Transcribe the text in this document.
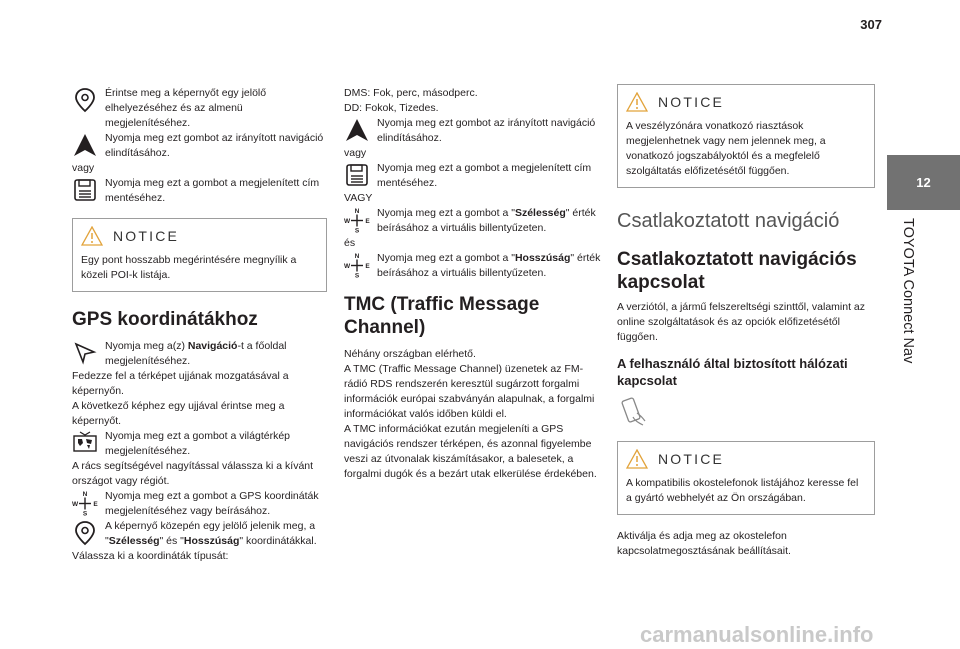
307
12
TOYOTA Connect Nav

Érintse meg a képernyőt egy jelölő elhelyezéséhez és az almenü megjelenítéséhez.

Nyomja meg ezt gombot az irányított navigáció elindításához.

vagy

Nyomja meg ezt a gombot a megjelenített cím mentéséhez.

NOTICE

Egy pont hosszabb megérintésére megnyílik a közeli POI-k listája.

GPS koordinátákhoz

Nyomja meg a(z) Navigáció-t a főoldal megjelenítéséhez.

Fedezze fel a térképet ujjának mozgatásával a képernyőn.

A következő képhez egy ujjával érintse meg a képernyőt.

Nyomja meg ezt a gombot a világtérkép megjelenítéséhez.

A rács segítségével nagyítással válassza ki a kívánt országot vagy régiót.

N
S
W E

Nyomja meg ezt a gombot a GPS koordináták megjelenítéséhez vagy beírásához.

A képernyő közepén egy jelölő jelenik meg, a "Szélesség" és "Hosszúság" koordinátákkal.

Válassza ki a koordináták típusát:

DMS: Fok, perc, másodperc.

DD: Fokok, Tizedes.

Nyomja meg ezt gombot az irányított navigáció elindításához.

vagy

Nyomja meg ezt a gombot a megjelenített cím mentéséhez.

VAGY

N
S
W E

Nyomja meg ezt a gombot a "Szélesség" érték beírásához a virtuális billentyűzeten.

és

N
S
W E

Nyomja meg ezt a gombot a "Hosszúság" érték beírásához a virtuális billentyűzeten.

TMC (Traffic Message Channel)

Néhány országban elérhető.

A TMC (Traffic Message Channel) üzenetek az FM-rádió RDS rendszerén keresztül sugárzott forgalmi információk európai szabványán alapulnak, a forgalmi információkat valós időben küldi el.

A TMC információkat ezután megjeleníti a GPS navigációs rendszer térképen, és azonnal figyelembe veszi az útvonalak kiszámításakor, a balesetek, a forgalmi dugók és a bezárt utak elkerülése érdekében.

NOTICE

A veszélyzónára vonatkozó riasztások megjelenhetnek vagy nem jelennek meg, a vonatkozó jogszabályoktól és a megfelelő szolgáltatás előfizetésétől függően.

Csatlakoztatott navigáció

Csatlakoztatott navigációs kapcsolat

A verziótól, a jármű felszereltségi szinttől, valamint az online szolgáltatások és az opciók előfizetésétől függően.

A felhasználó által biztosított hálózati kapcsolat
NOTICE

A kompatibilis okostelefonok listájához keresse fel a gyártó webhelyét az Ön országában.

Aktiválja és adja meg az okostelefon kapcsolatmegosztásának beállításait.

carmanualsonline.info
